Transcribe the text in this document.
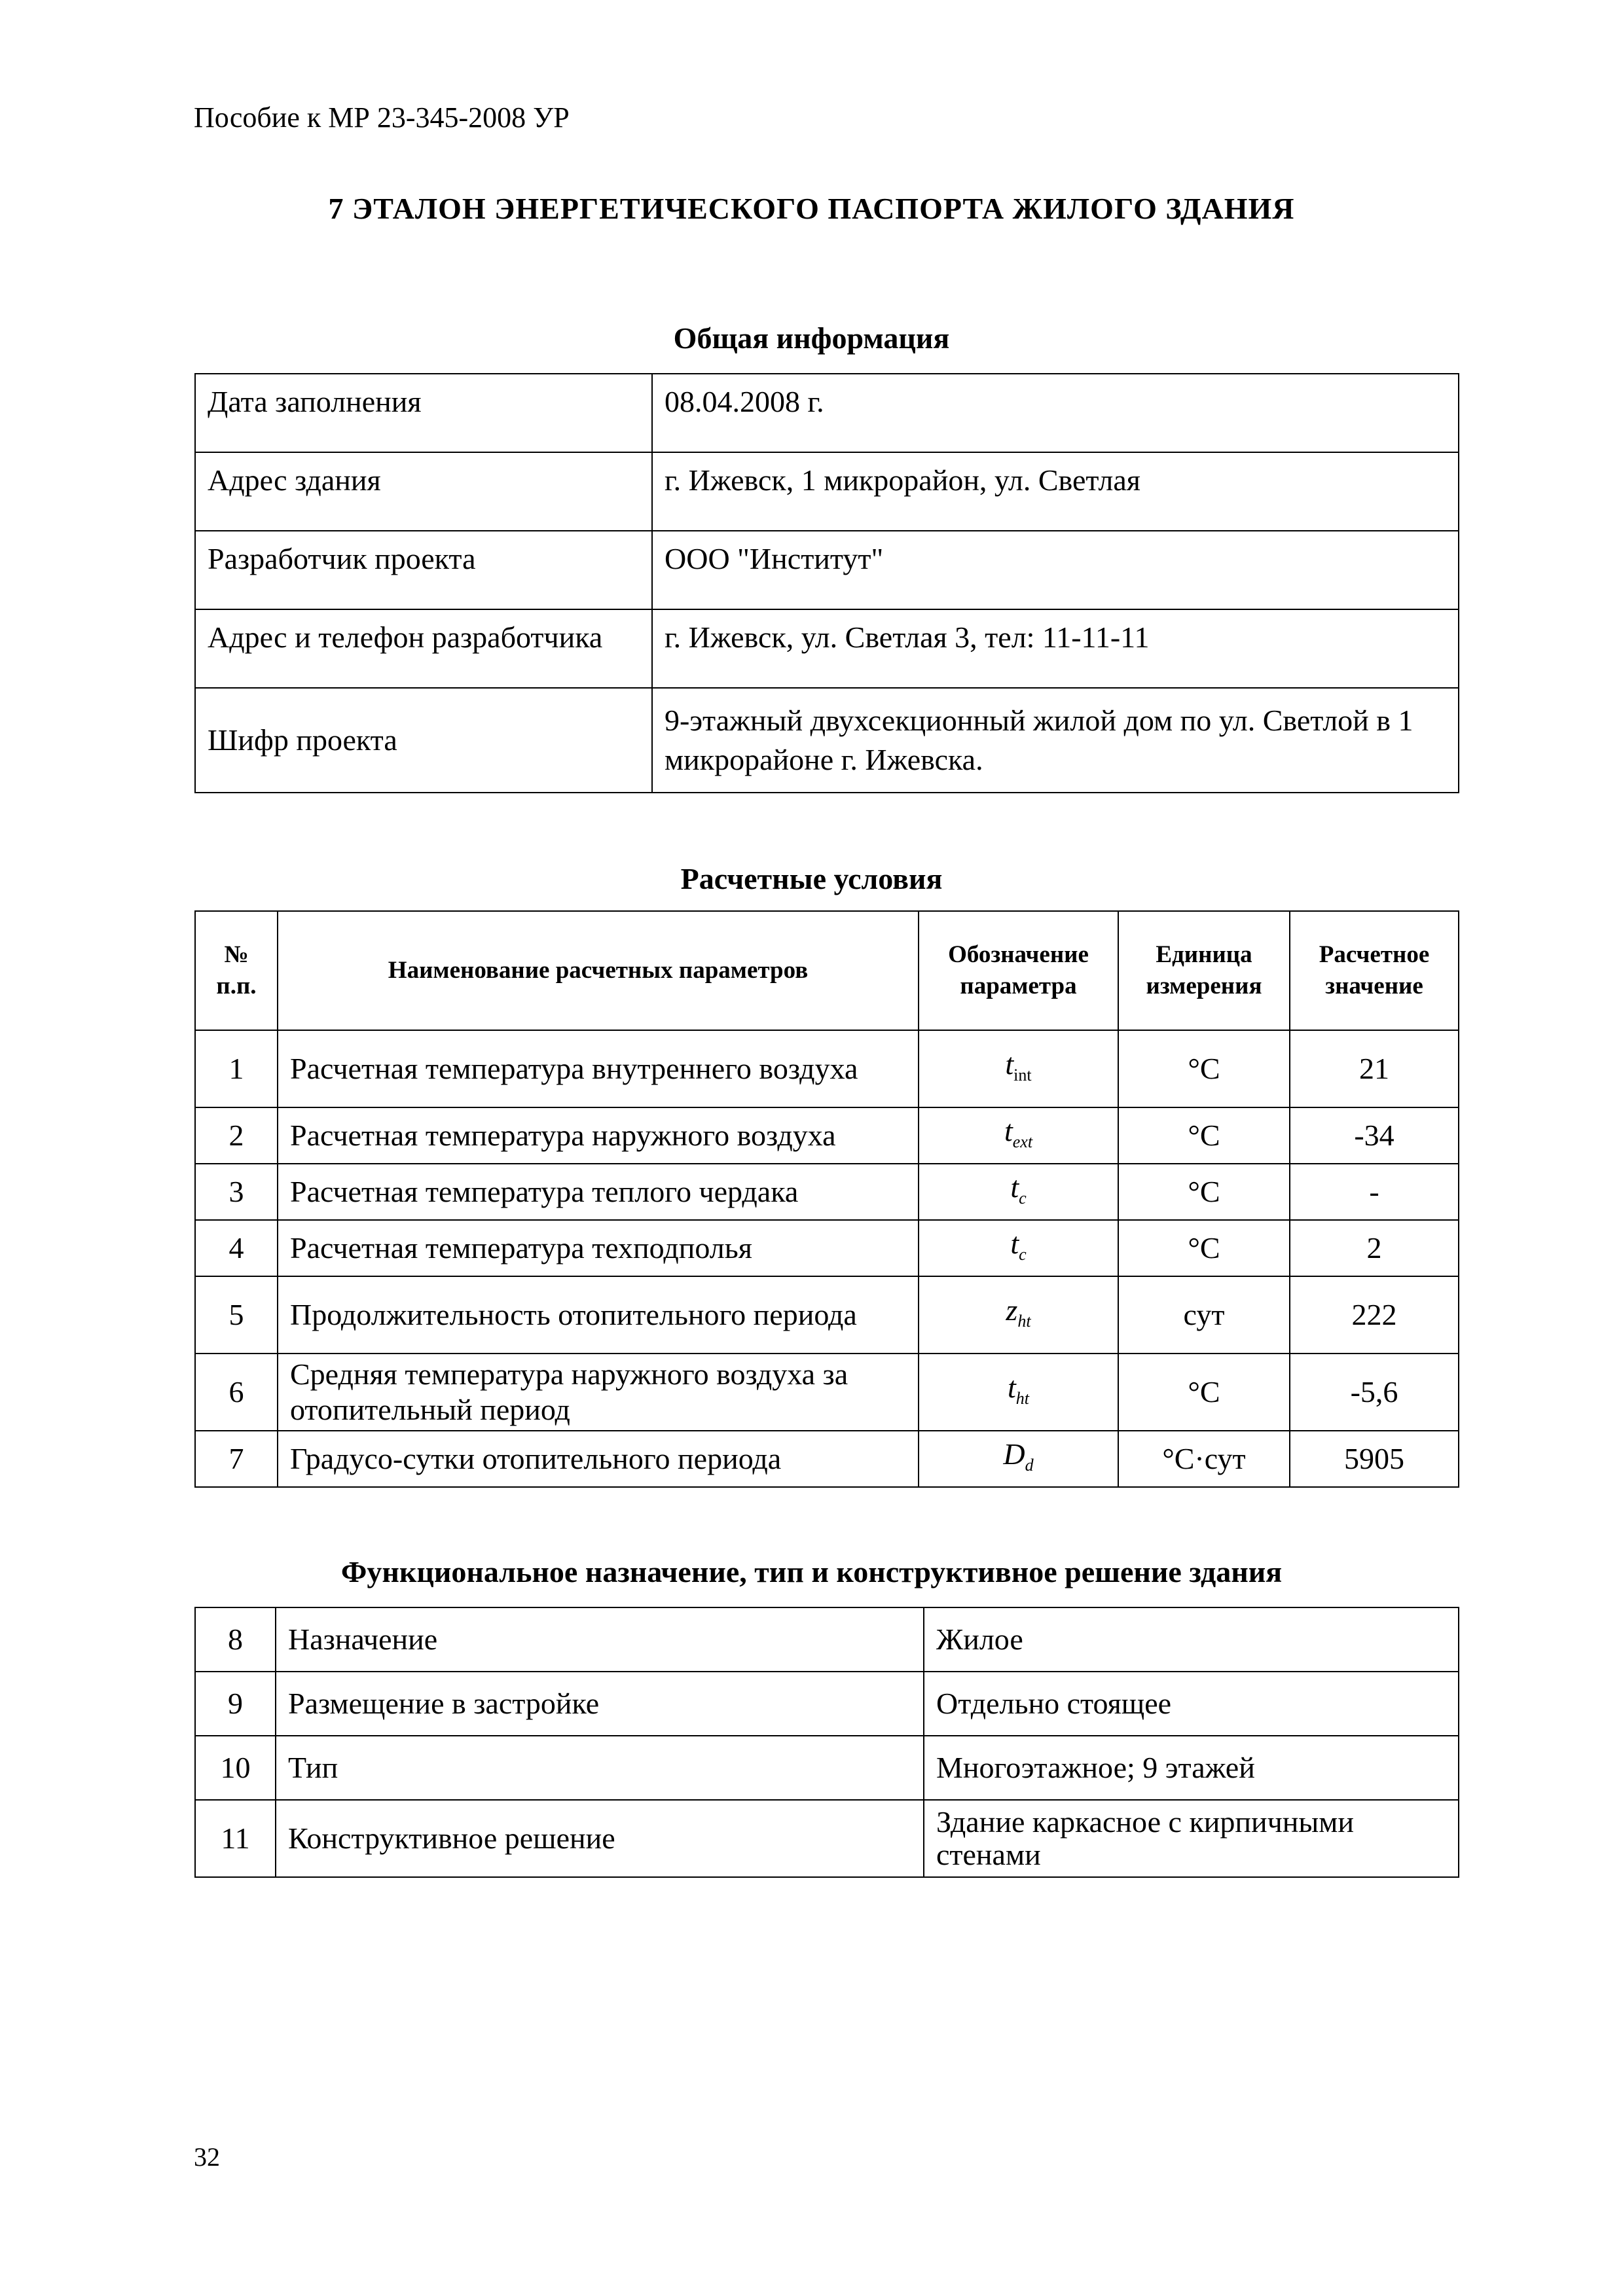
Пособие к МР 23-345-2008 УР
7 ЭТАЛОН ЭНЕРГЕТИЧЕСКОГО ПАСПОРТА ЖИЛОГО ЗДАНИЯ
Общая информация
Дата заполнения	08.04.2008 г.
Адрес здания	г. Ижевск, 1 микрорайон, ул. Светлая
Разработчик проекта	ООО "Институт"
Адрес и телефон разработчика	г. Ижевск, ул. Светлая 3, тел: 11-11-11
Шифр проекта	9-этажный двухсекционный жилой дом по ул. Светлой в 1 микрорайоне г. Ижевска.
Расчетные условия
№ п.п.	Наименование расчетных параметров	Обозначение параметра	Единица измерения	Расчетное значение
1	Расчетная температура внутреннего воздуха	$t_{int}$	°С	21
2	Расчетная температура наружного воздуха	$t_{ext}$	°С	-34
3	Расчетная температура теплого чердака	$t_c$	°С	-
4	Расчетная температура техподполья	$t_c$	°С	2
5	Продолжительность отопительного периода	$z_{ht}$	сут	222
6	Средняя температура наружного воздуха за отопительный период	$t_{ht}$	°С	-5,6
7	Градусо-сутки отопительного периода	$D_d$	°С·сут	5905
Функциональное назначение, тип и конструктивное решение здания
8	Назначение	Жилое
9	Размещение в застройке	Отдельно стоящее
10	Тип	Многоэтажное; 9 этажей
11	Конструктивное решение	Здание каркасное с кирпичными стенами
32
